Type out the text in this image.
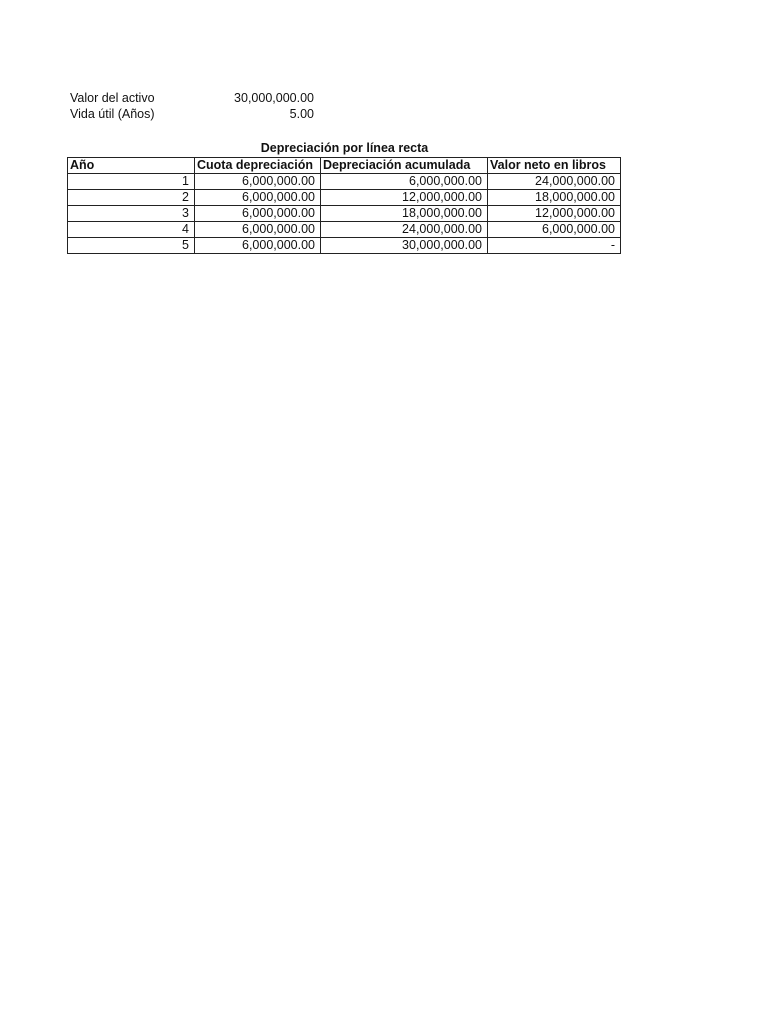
Valor del activo	30,000,000.00
Vida útil (Años)	5.00
Depreciación por línea recta
Año	Cuota depreciación	Depreciación acumulada	Valor neto en libros
1	6,000,000.00	6,000,000.00	24,000,000.00
2	6,000,000.00	12,000,000.00	18,000,000.00
3	6,000,000.00	18,000,000.00	12,000,000.00
4	6,000,000.00	24,000,000.00	6,000,000.00
5	6,000,000.00	30,000,000.00	-
